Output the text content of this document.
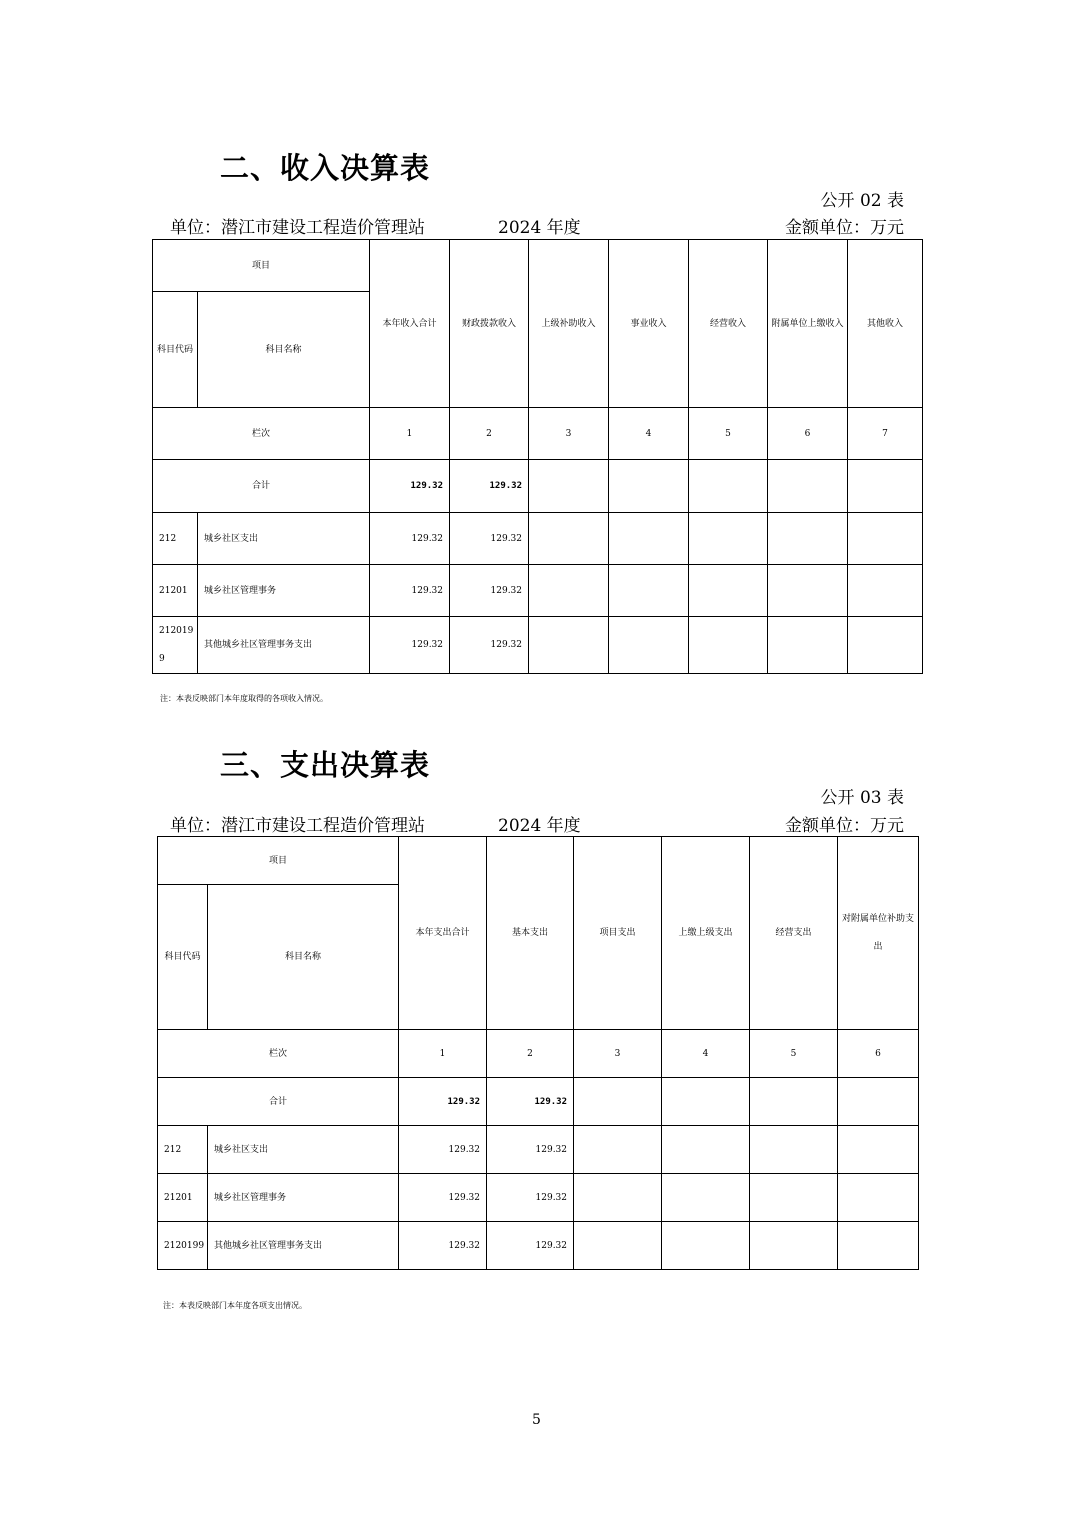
二、收入决算表
公开 02 表
单位：潜江市建设工程造价管理站	2024 年度	金额单位：万元
项目		本年收入合计	财政拨款收入	上级补助收入	事业收入	经营收入	附属单位上缴收入	其他收入
科目代码	科目名称							
栏次		1	2	3	4	5	6	7
合计		129.32	129.32					
212	城乡社区支出	129.32	129.32					
21201	城乡社区管理事务	129.32	129.32					
2120199	其他城乡社区管理事务支出	129.32	129.32					
注：本表反映部门本年度取得的各项收入情况。
三、支出决算表
公开 03 表
单位：潜江市建设工程造价管理站	2024 年度	金额单位：万元
项目		本年支出合计	基本支出	项目支出	上缴上级支出	经营支出	对附属单位补助支出
科目代码	科目名称						
栏次		1	2	3	4	5	6
合计		129.32	129.32				
212	城乡社区支出	129.32	129.32				
21201	城乡社区管理事务	129.32	129.32				
2120199	其他城乡社区管理事务支出	129.32	129.32				
注：本表反映部门本年度各项支出情况。
5
